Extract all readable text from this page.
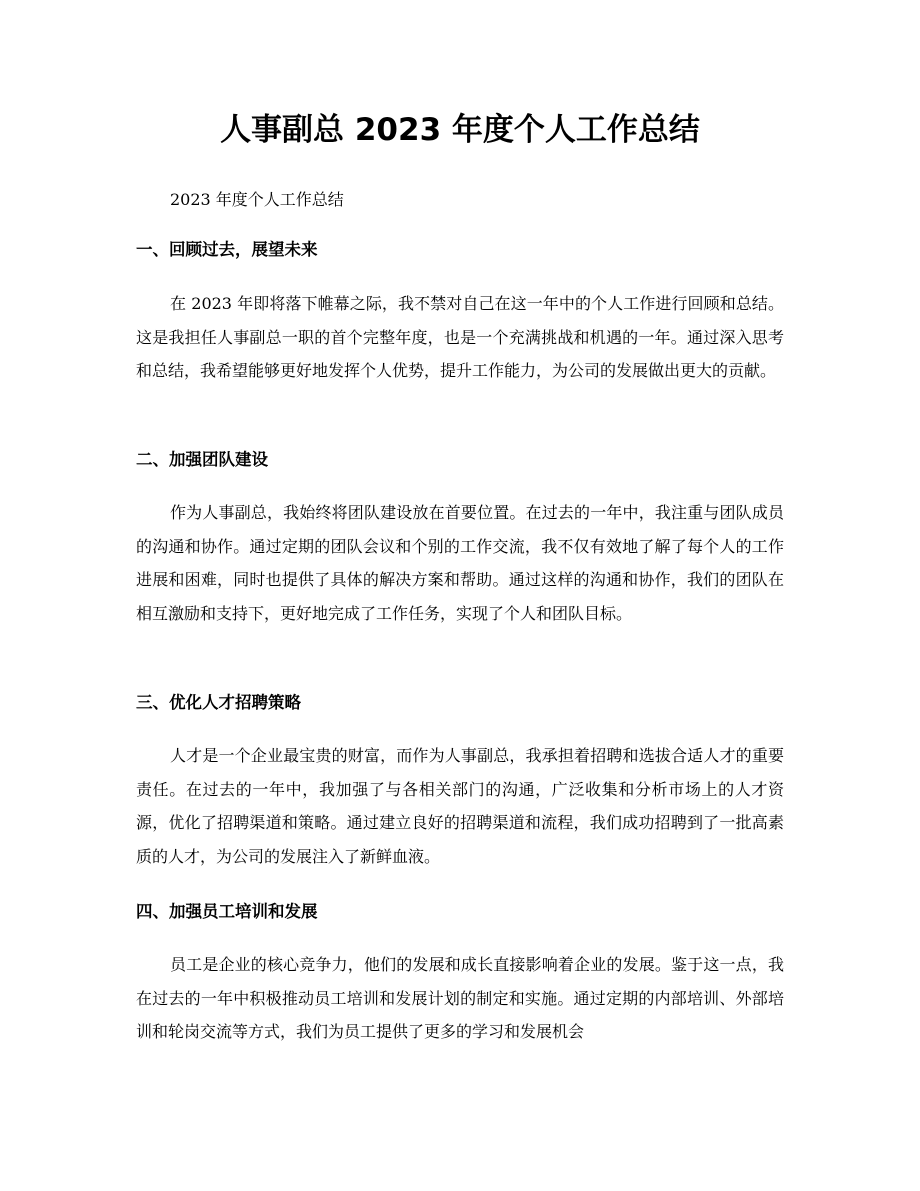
人事副总 2023 年度个人工作总结

2023 年度个人工作总结

一、回顾过去，展望未来

在 2023 年即将落下帷幕之际，我不禁对自己在这一年中的个人工作进行回顾和总结。这是我担任人事副总一职的首个完整年度，也是一个充满挑战和机遇的一年。通过深入思考和总结，我希望能够更好地发挥个人优势，提升工作能力，为公司的发展做出更大的贡献。

二、加强团队建设

作为人事副总，我始终将团队建设放在首要位置。在过去的一年中，我注重与团队成员的沟通和协作。通过定期的团队会议和个别的工作交流，我不仅有效地了解了每个人的工作进展和困难，同时也提供了具体的解决方案和帮助。通过这样的沟通和协作，我们的团队在相互激励和支持下，更好地完成了工作任务，实现了个人和团队目标。

三、优化人才招聘策略

人才是一个企业最宝贵的财富，而作为人事副总，我承担着招聘和选拔合适人才的重要责任。在过去的一年中，我加强了与各相关部门的沟通，广泛收集和分析市场上的人才资源，优化了招聘渠道和策略。通过建立良好的招聘渠道和流程，我们成功招聘到了一批高素质的人才，为公司的发展注入了新鲜血液。

四、加强员工培训和发展

员工是企业的核心竞争力，他们的发展和成长直接影响着企业的发展。鉴于这一点，我在过去的一年中积极推动员工培训和发展计划的制定和实施。通过定期的内部培训、外部培训和轮岗交流等方式，我们为员工提供了更多的学习和发展机会
